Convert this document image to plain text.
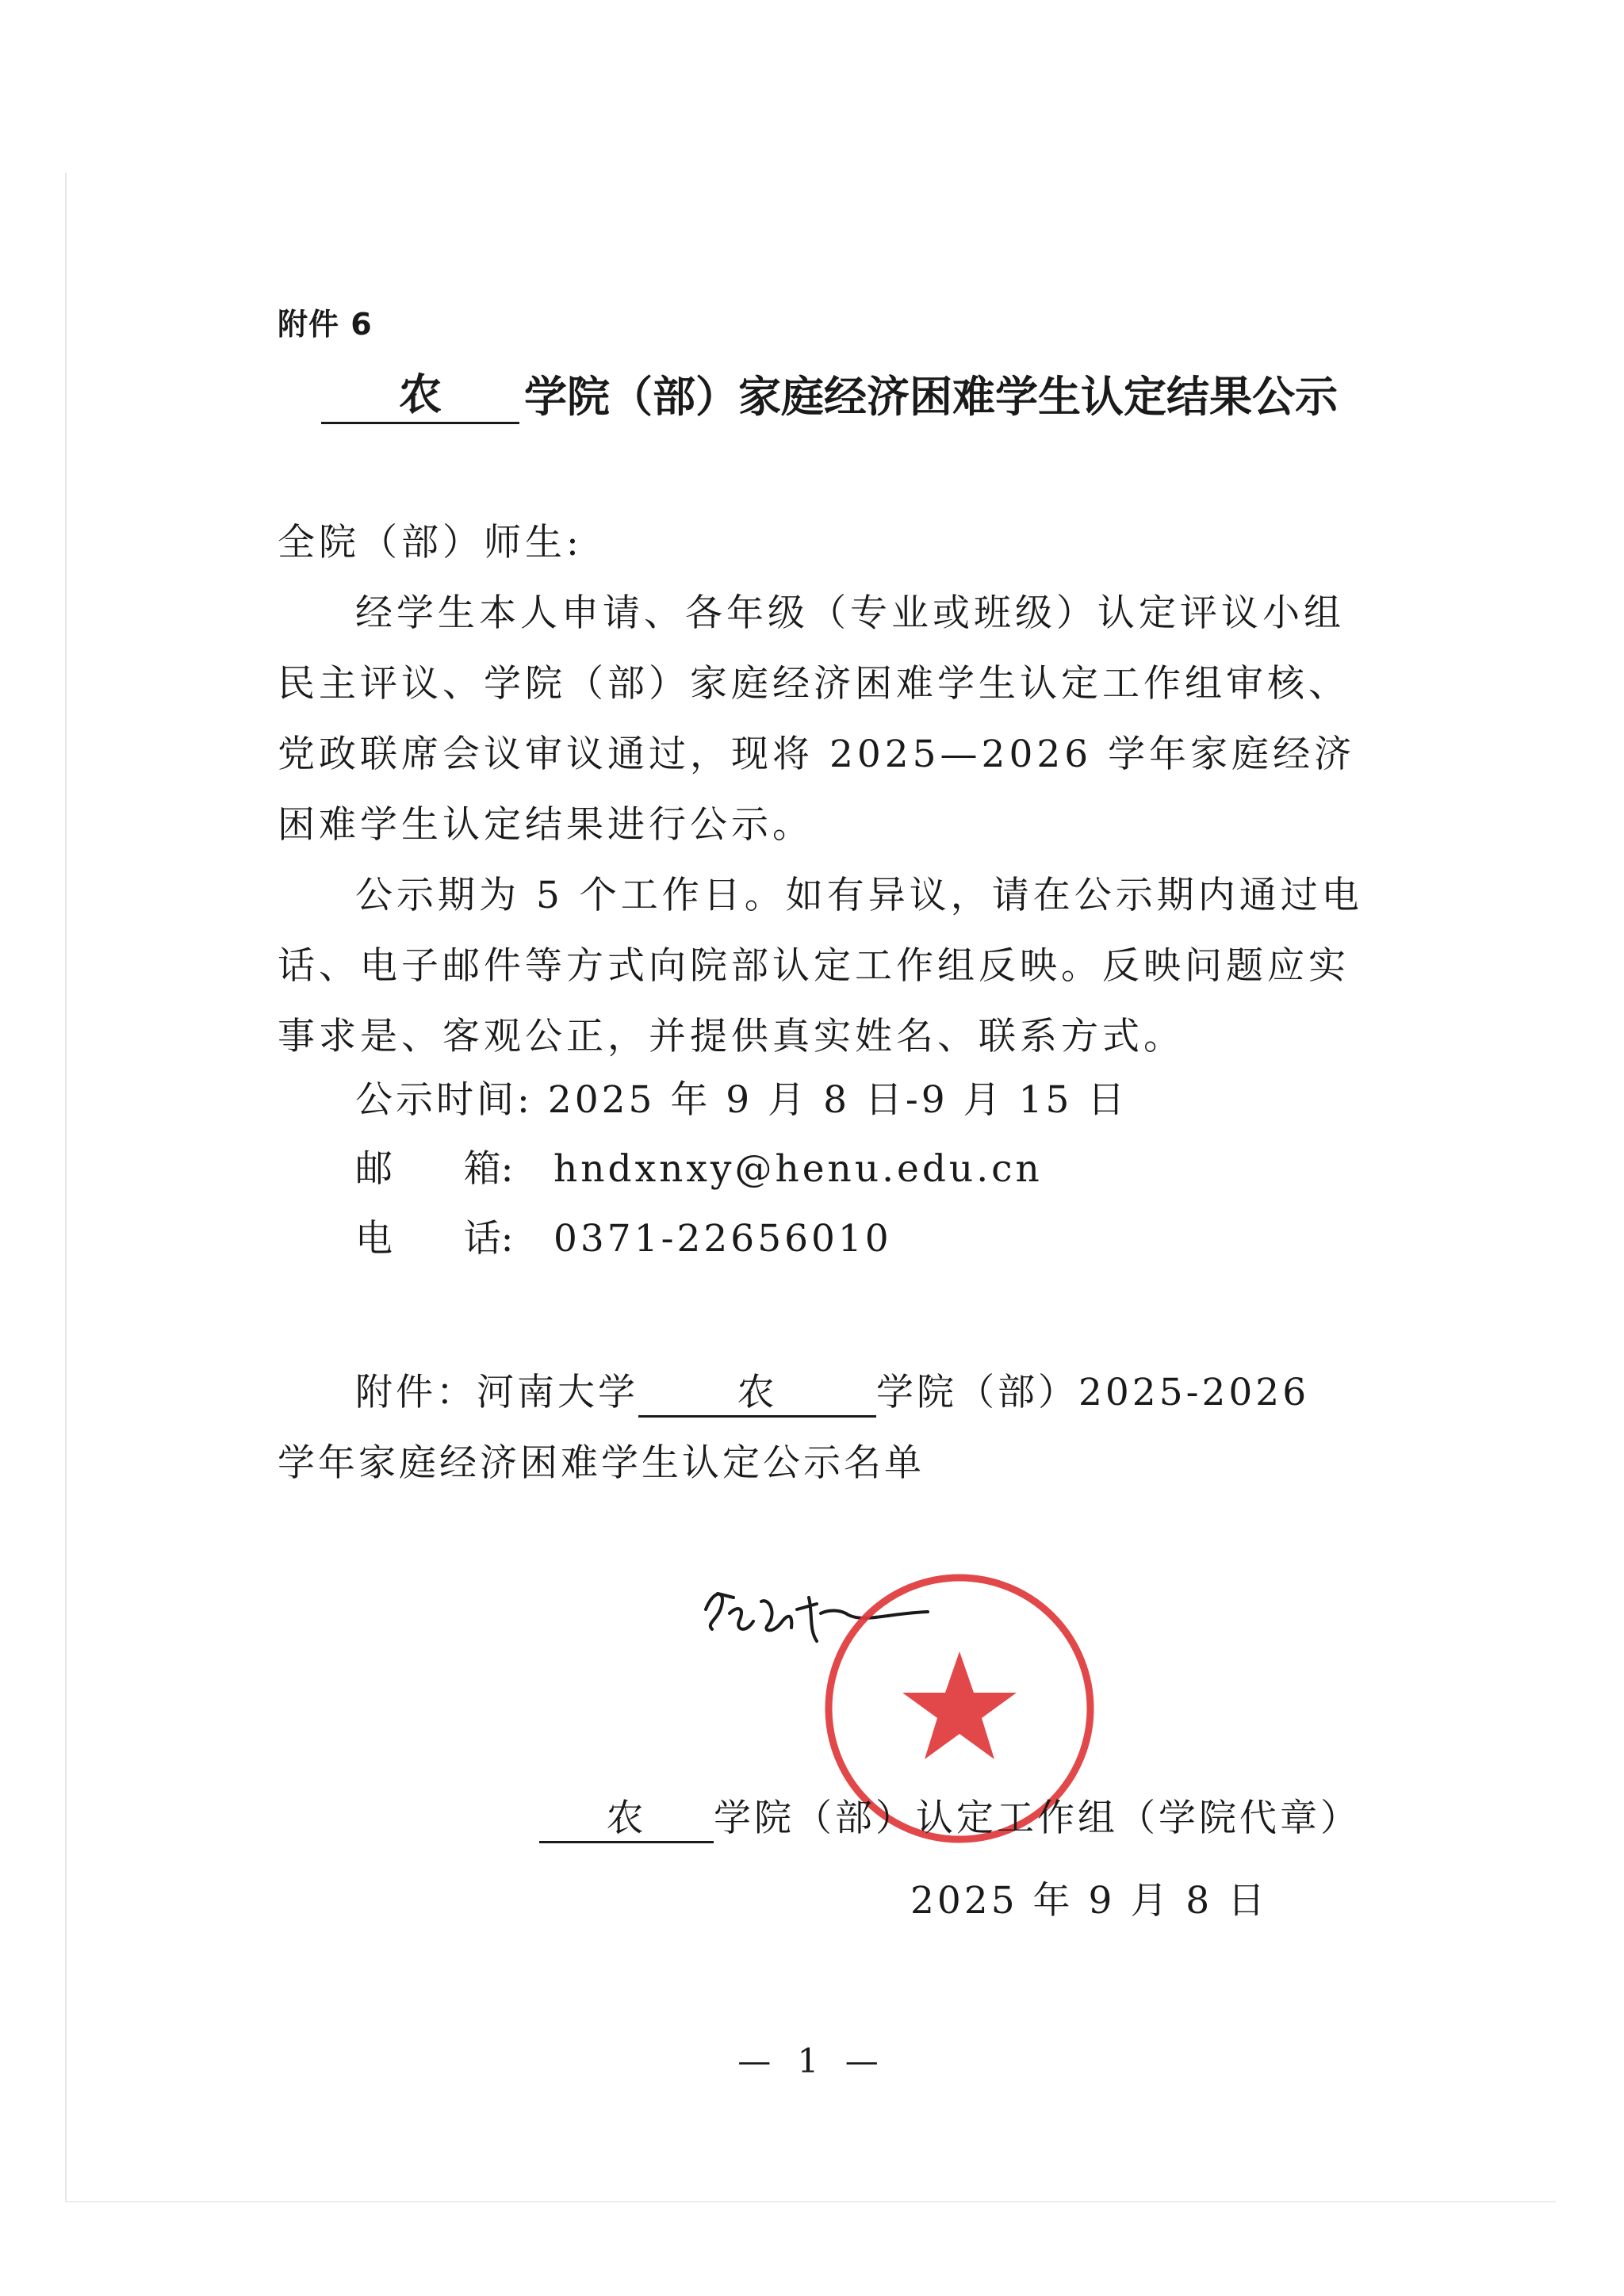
附件 6
农	学院（部）家庭经济困难学生认定结果公示
全院（部）师生:
经学生本人申请、各年级（专业或班级）认定评议小组民主评议、学院（部）家庭经济困难学生认定工作组审核、党政联席会议审议通过，现将 2025—2026 学年家庭经济困难学生认定结果进行公示。
公示期为 5 个工作日。如有异议，请在公示期内通过电话、电子邮件等方式向院部认定工作组反映。反映问题应实事求是、客观公正，并提供真实姓名、联系方式。
公示时间: 2025 年 9 月 8 日-9 月 15 日
邮      箱: hndxnxy@henu.edu.cn
电      话: 0371-22656010
附件：河南大学	农	学院（部）2025-2026 学年家庭经济困难学生认定公示名单
农 学院（部）认定工作组（学院代章）
2025 年 9 月 8 日
— 1 —
